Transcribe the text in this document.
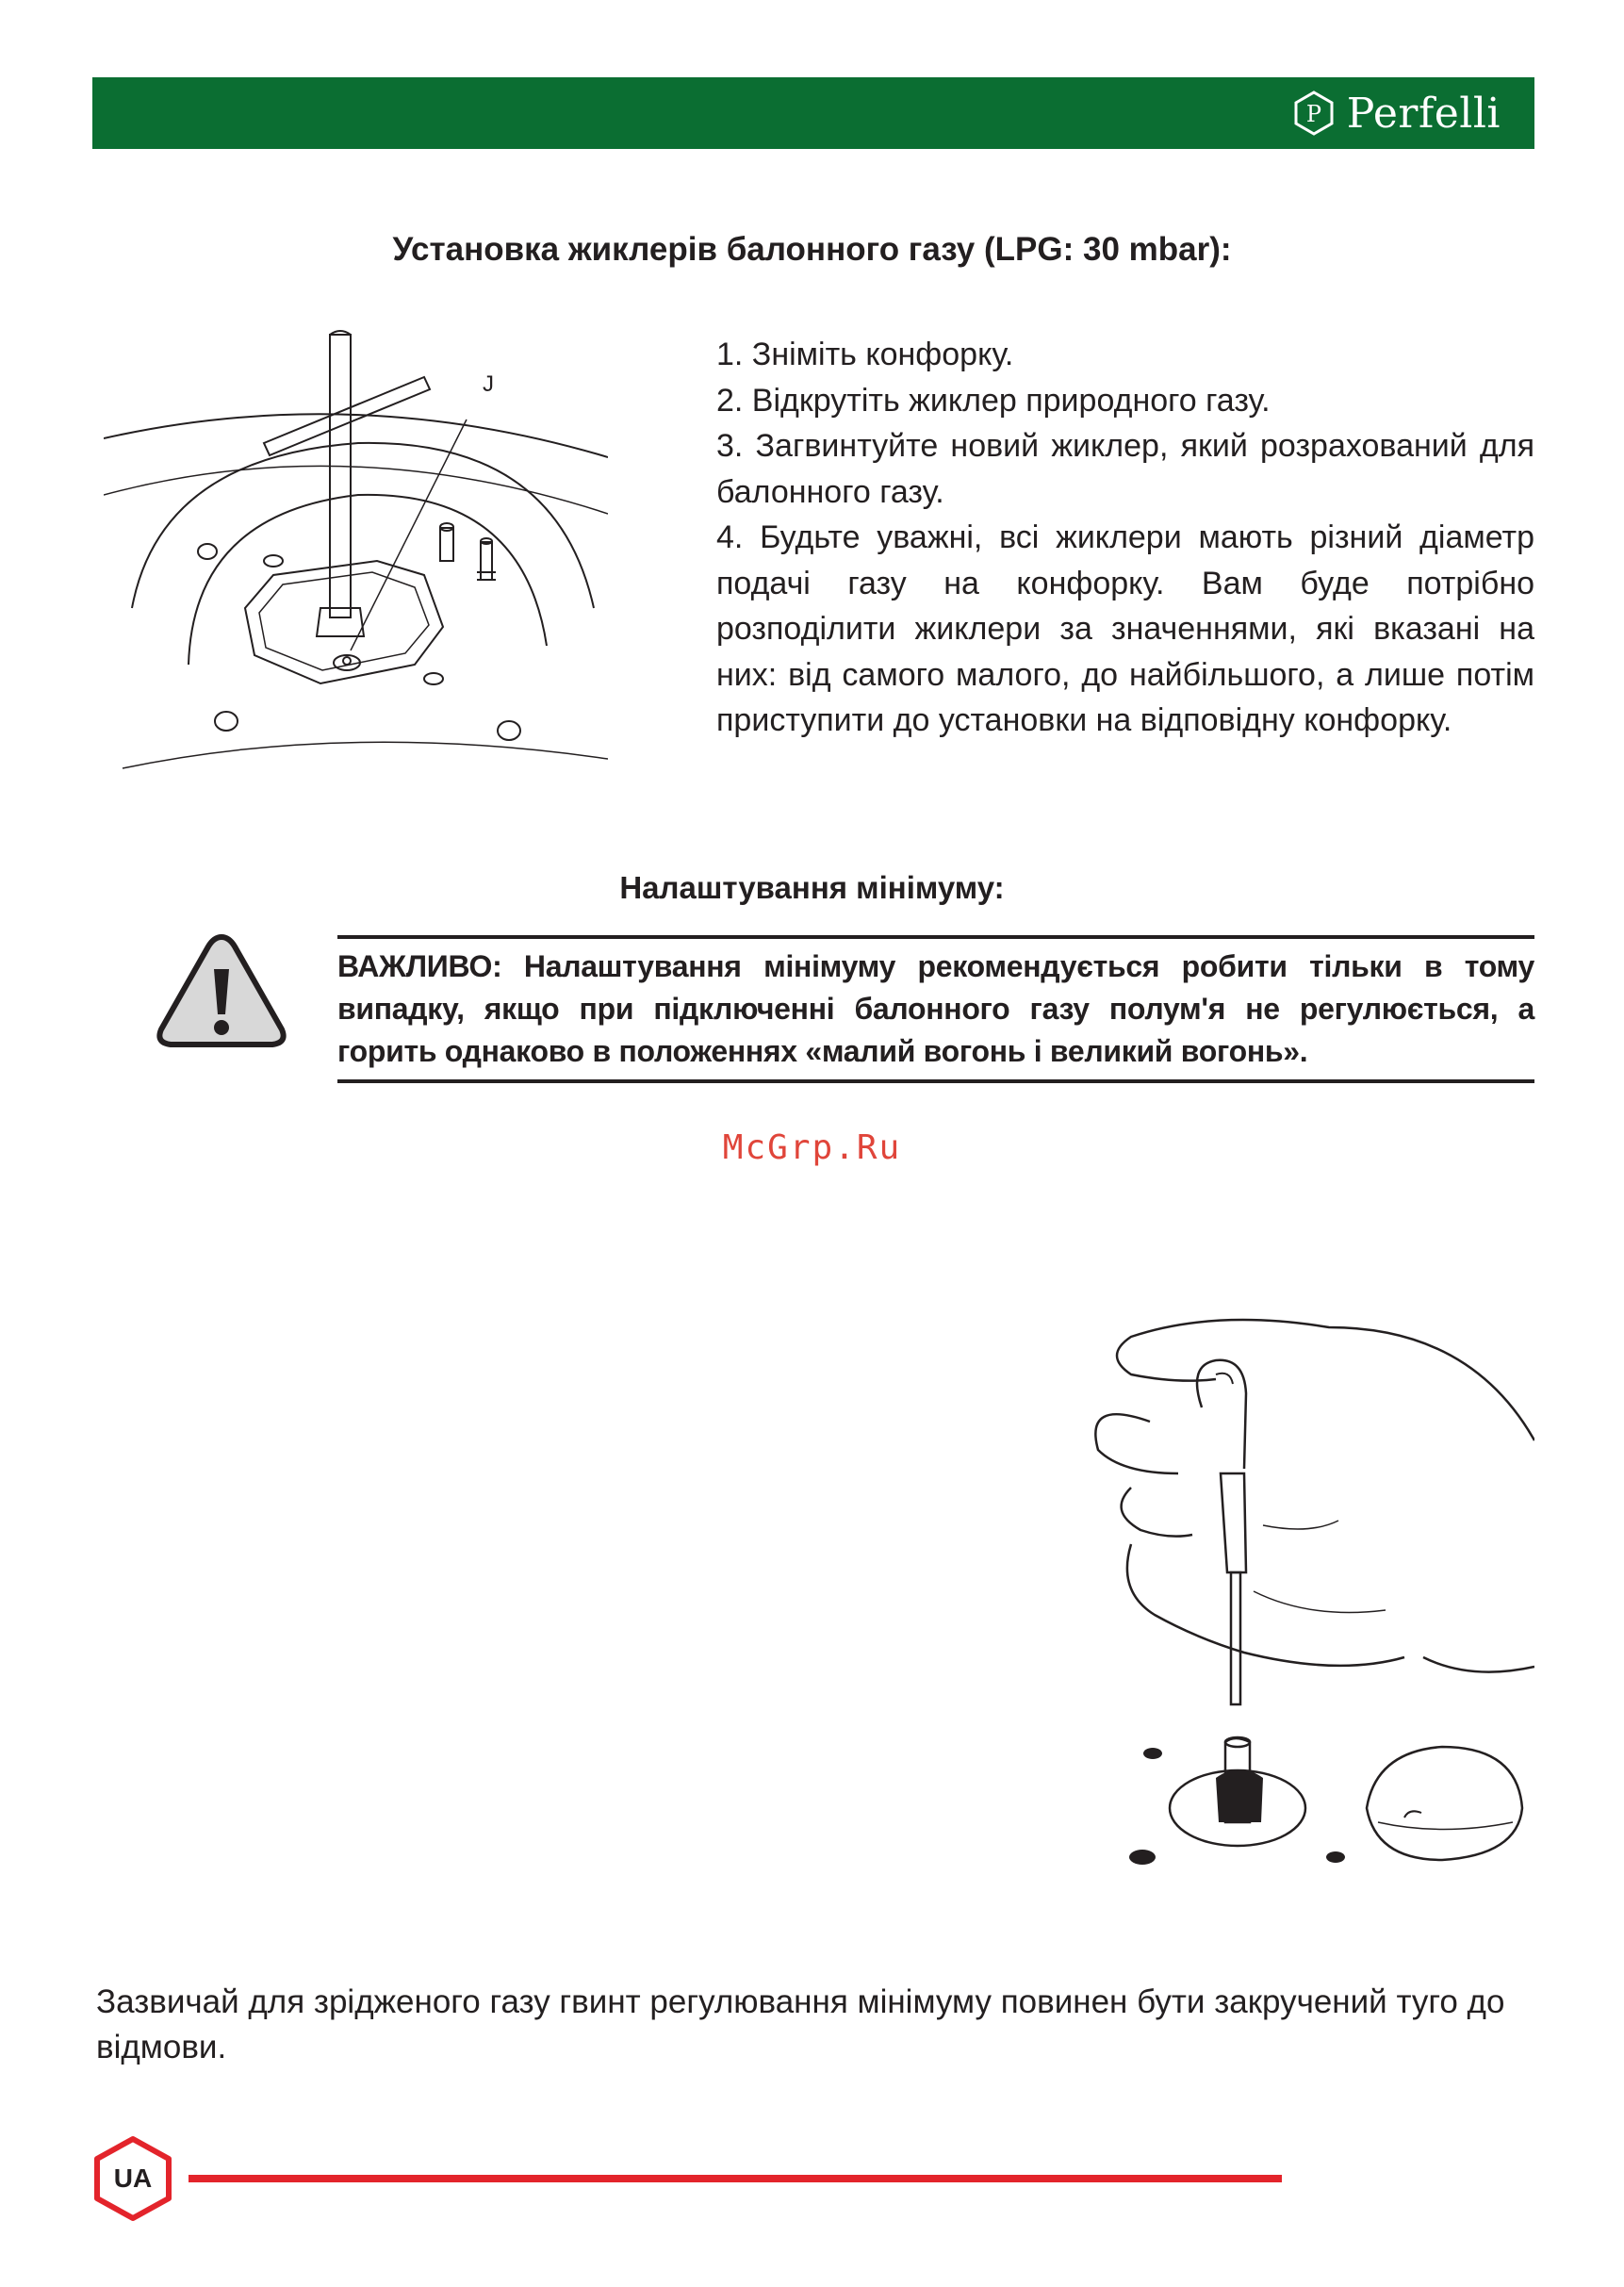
P Perfelli
Установка жиклерів балонного газу (LPG: 30 mbar):
J

1. Зніміть конфорку.

2. Відкрутіть жиклер природного газу.

3. Загвинтуйте новий жиклер, який розрахований для балонного газу.

4. Будьте уважні, всі жиклери мають різний діаметр подачі газу на конфорку. Вам буде потрібно розподілити жиклери за значеннями, які вказані на них: від самого малого, до найбільшого, а лише потім приступити до установки на відповідну конфорку.

Налаштування мінімуму:
ВАЖЛИВО: Налаштування мінімуму рекомендується робити тільки в тому випадку, якщо при підключенні балонного газу полум'я не регулюється, а горить однаково в положеннях «малий вогонь і великий вогонь».
McGrp.Ru
Зазвичай для зрідженого газу гвинт регулювання мінімуму повинен бути закручений туго до відмови.
UA
